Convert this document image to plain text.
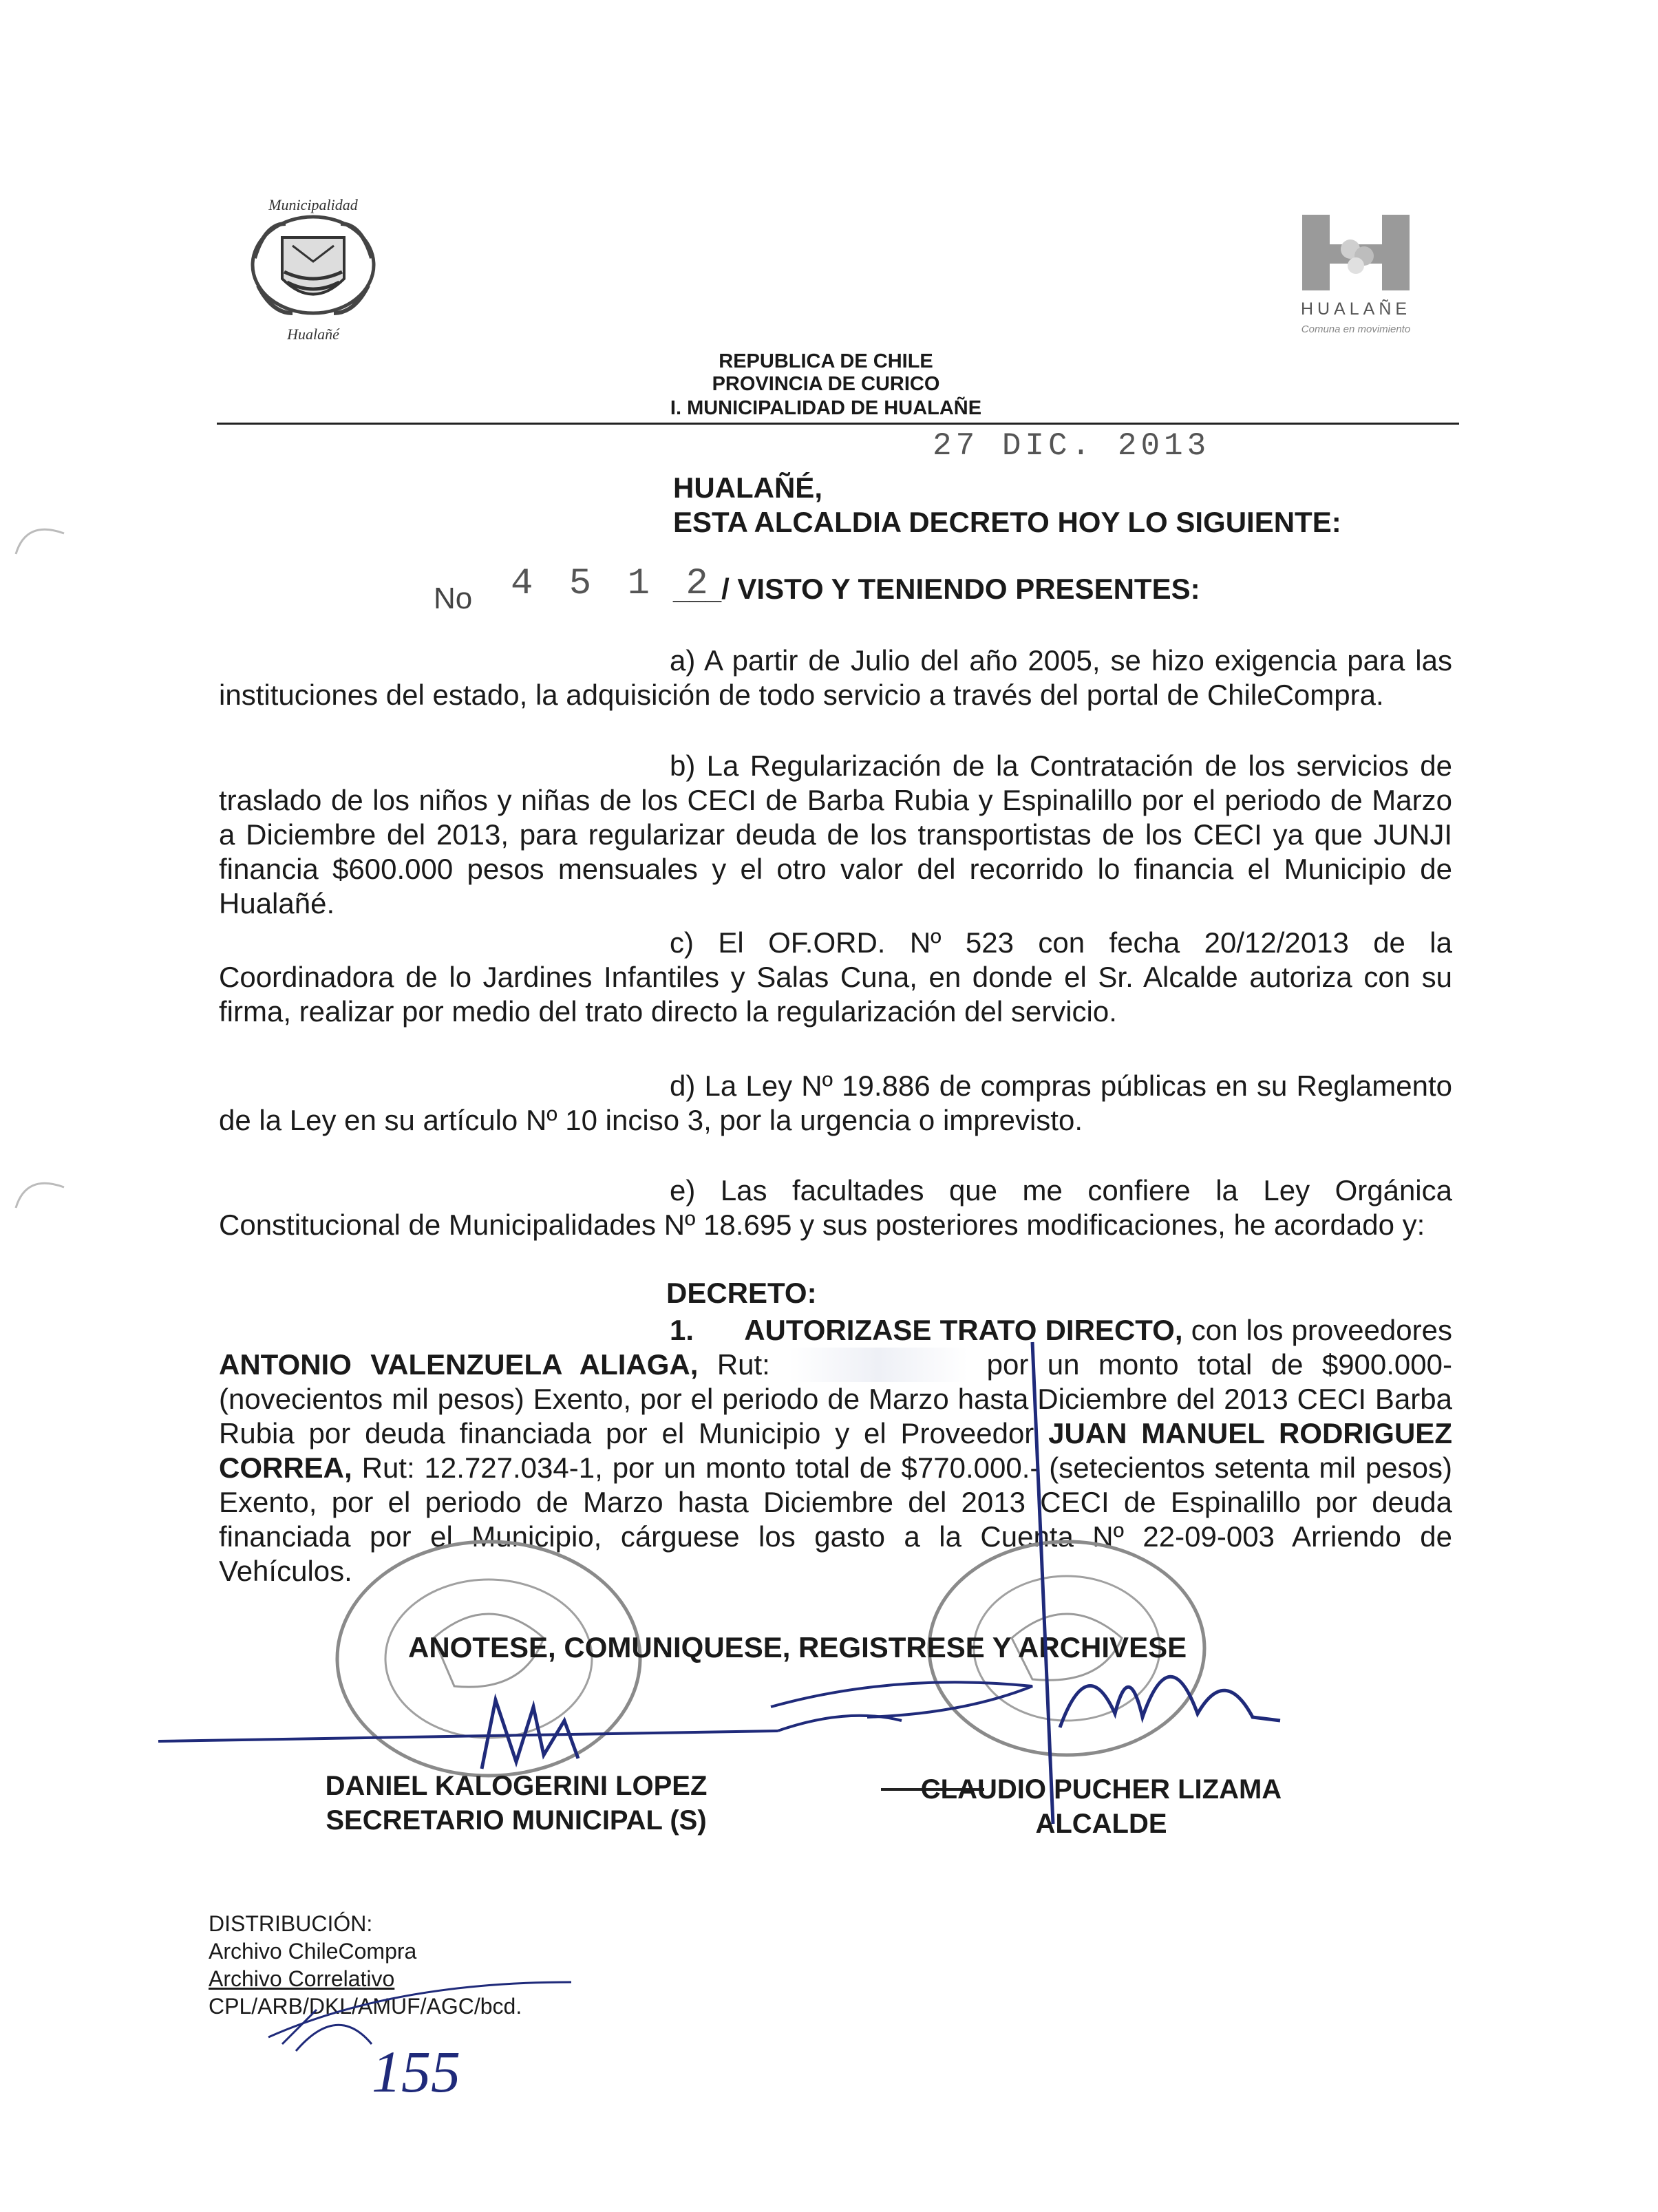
Municipalidad
Hualañé
HUALAÑE
Comuna en movimiento
REPUBLICA DE CHILE
PROVINCIA DE CURICO
I. MUNICIPALIDAD DE HUALAÑE
27 DIC. 2013
HUALAÑÉ,
ESTA ALCALDIA DECRETO HOY LO SIGUIENTE:
No 4 5 1 2
___/ VISTO Y TENIENDO PRESENTES:
a) A partir de Julio del año 2005, se hizo exigencia para las instituciones del estado, la adquisición de todo servicio a través del portal de ChileCompra.
b) La Regularización de la Contratación de los servicios de traslado de los niños y niñas de los CECI de Barba Rubia y Espinalillo por el periodo de Marzo a Diciembre del 2013, para regularizar deuda de los transportistas de los CECI ya que JUNJI financia $600.000 pesos mensuales y el otro valor del recorrido lo financia el Municipio de Hualañé.
c) El OF.ORD. Nº 523 con fecha 20/12/2013 de la Coordinadora de lo Jardines Infantiles y Salas Cuna, en donde el Sr. Alcalde autoriza con su firma, realizar por medio del trato directo la regularización del servicio.
d) La Ley Nº 19.886 de compras públicas en su Reglamento de la Ley en su artículo Nº 10 inciso 3, por la urgencia o imprevisto.
e) Las facultades que me confiere la Ley Orgánica Constitucional de Municipalidades Nº 18.695 y sus posteriores modificaciones, he acordado y:
DECRETO:
1. AUTORIZASE TRATO DIRECTO, con los proveedores ANTONIO VALENZUELA ALIAGA, Rut:	por un monto total de $900.000- (novecientos mil pesos) Exento, por el periodo de Marzo hasta Diciembre del 2013 CECI Barba Rubia por deuda financiada por el Municipio y el Proveedor JUAN MANUEL RODRIGUEZ CORREA, Rut: 12.727.034-1, por un monto total de $770.000.- (setecientos setenta mil pesos) Exento, por el periodo de Marzo hasta Diciembre del 2013 CECI de Espinalillo por deuda financiada por el Municipio, cárguese los gasto a la Cuenta Nº 22-09-003 Arriendo de Vehículos.
ANOTESE, COMUNIQUESE, REGISTRESE Y ARCHIVESE
DANIEL KALOGERINI LOPEZ
SECRETARIO MUNICIPAL (S)
CLAUDIO PUCHER LIZAMA
ALCALDE
DISTRIBUCIÓN:
Archivo ChileCompra
Archivo Correlativo
CPL/ARB/DKL/AMUF/AGC/bcd.
155
